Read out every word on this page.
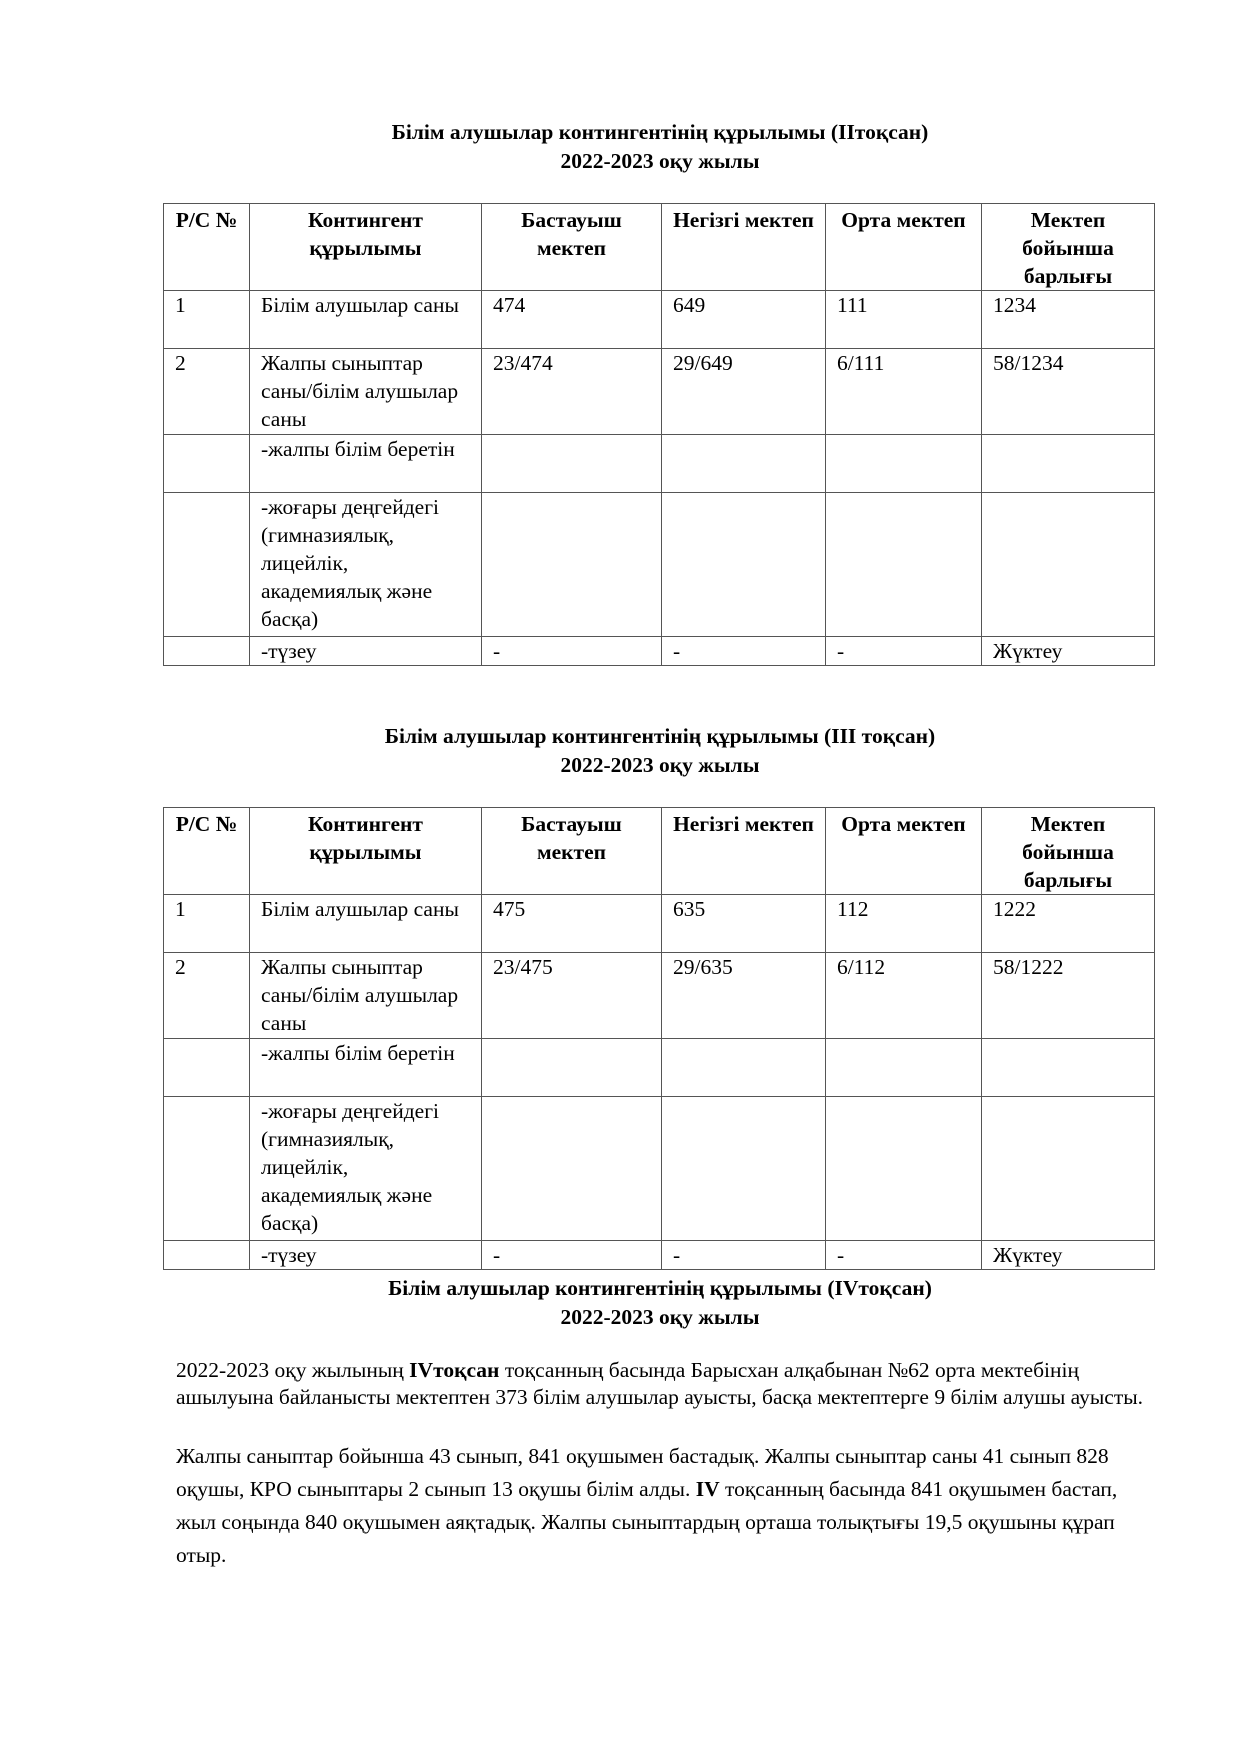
Білім алушылар контингентінің құрылымы (IIтоқсан)
2022-2023 оқу жылы
Р/С №	Контингент құрылымы	Бастауыш мектеп	Негізгі мектеп	Орта мектеп	Мектеп бойынша барлығы
1	Білім алушылар саны	474	649	111	1234
2	Жалпы сыныптар саны/білім алушылар саны	23/474	29/649	6/111	58/1234
	-жалпы білім беретін				
	-жоғары деңгейдегі (гимназиялық, лицейлік, академиялық және басқа)				
	-түзеу	-	-	-	Жүктеу
Білім алушылар контингентінің құрылымы (III тоқсан)
2022-2023 оқу жылы
Р/С №	Контингент құрылымы	Бастауыш мектеп	Негізгі мектеп	Орта мектеп	Мектеп бойынша барлығы
1	Білім алушылар саны	475	635	112	1222
2	Жалпы сыныптар саны/білім алушылар саны	23/475	29/635	6/112	58/1222
	-жалпы білім беретін				
	-жоғары деңгейдегі (гимназиялық, лицейлік, академиялық және басқа)				
	-түзеу	-	-	-	Жүктеу
Білім алушылар контингентінің құрылымы (IVтоқсан)
2022-2023 оқу жылы

2022-2023 оқу жылының IVтоқсан тоқсанның басында Барысхан алқабынан №62 орта мектебінің ашылуына байланысты мектептен 373 білім алушылар ауысты, басқа мектептерге 9 білім алушы ауысты.

Жалпы саныптар бойынша 43 сынып, 841 оқушымен бастадық. Жалпы сыныптар саны 41 сынып 828 оқушы, КРО сыныптары 2 сынып 13 оқушы білім алды. IV тоқсанның басында 841 оқушымен бастап, жыл соңында 840 оқушымен аяқтадық. Жалпы сыныптардың орташа толықтығы 19,5 оқушыны құрап отыр.
